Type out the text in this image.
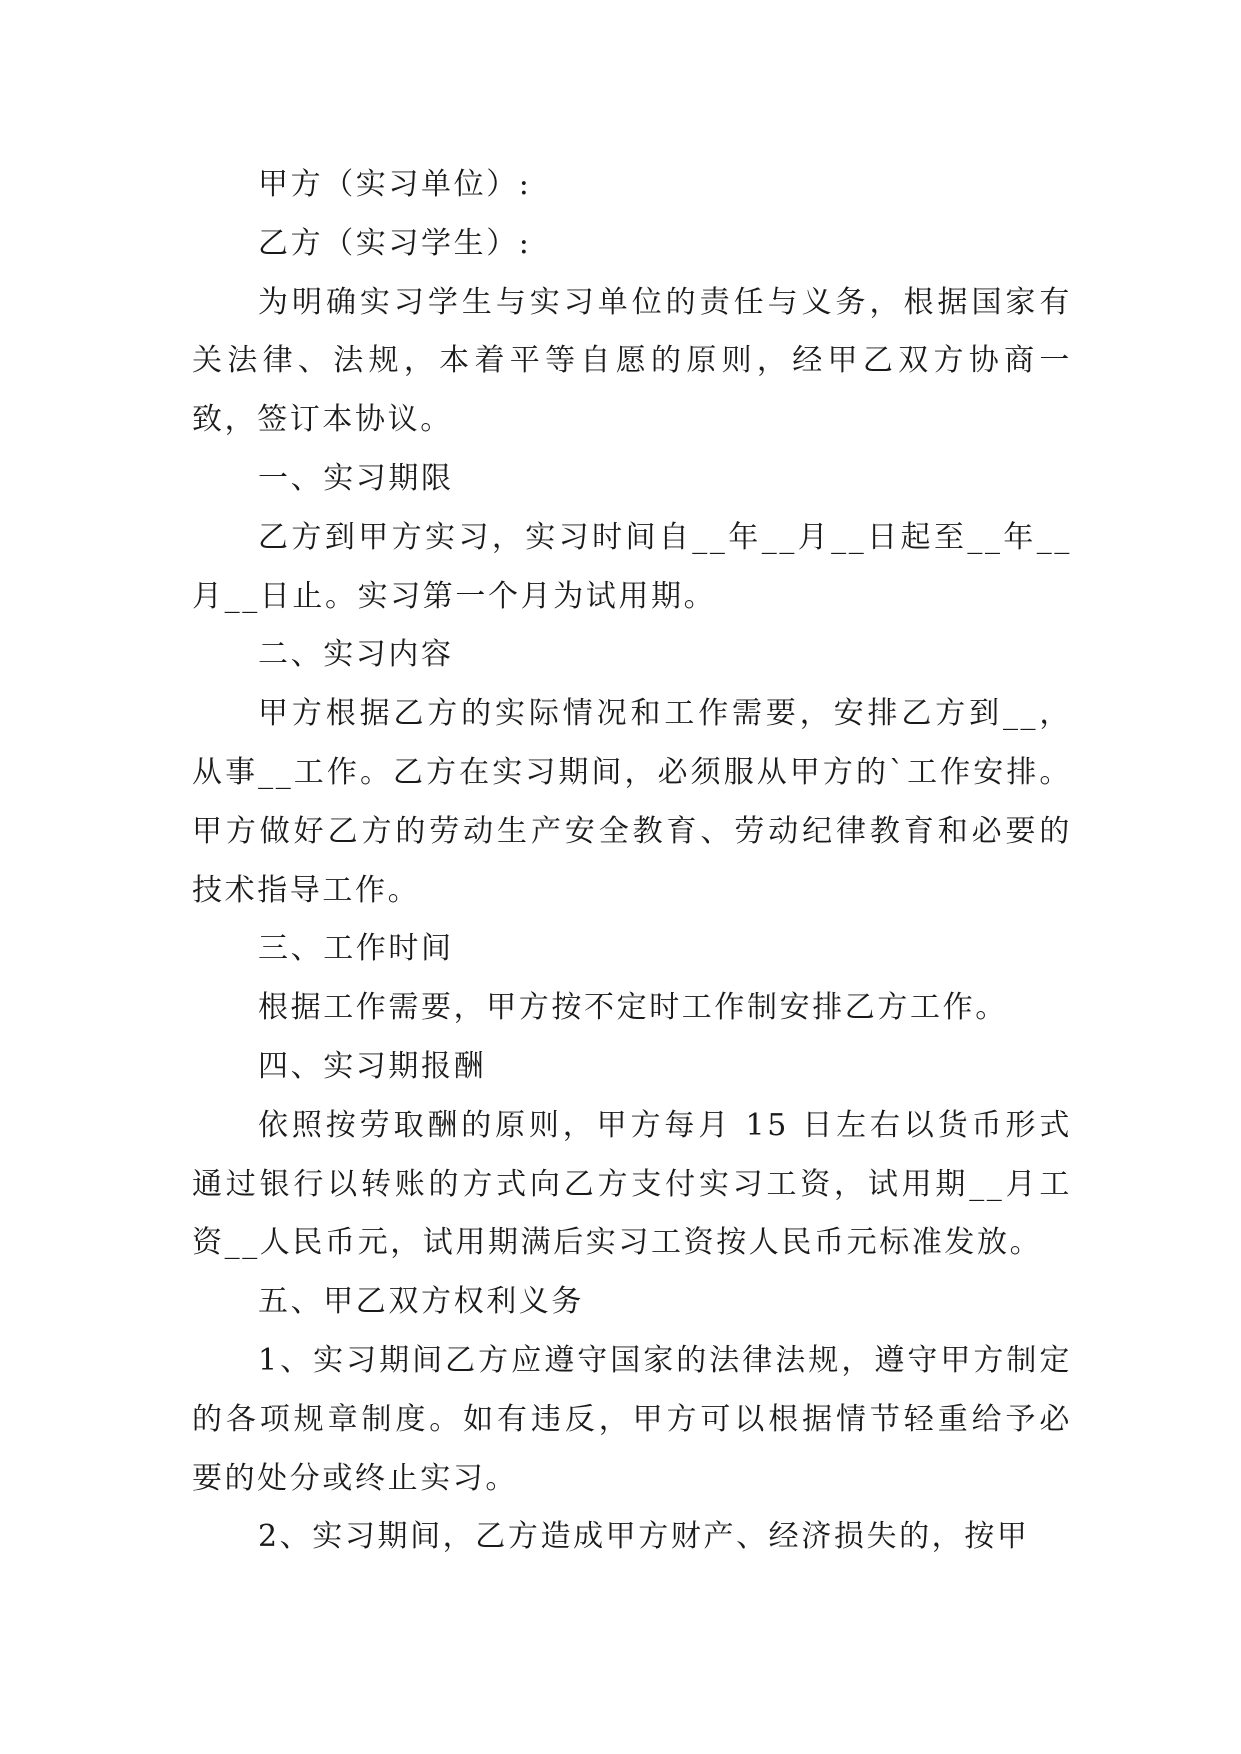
甲方（实习单位）:

乙方（实习学生）:

为明确实习学生与实习单位的责任与义务，根据国家有关法律、法规，本着平等自愿的原则，经甲乙双方协商一致，签订本协议。

一、实习期限

乙方到甲方实习，实习时间自__年__月__日起至__年__月__日止。实习第一个月为试用期。

二、实习内容

甲方根据乙方的实际情况和工作需要，安排乙方到__，从事__工作。乙方在实习期间，必须服从甲方的`工作安排。甲方做好乙方的劳动生产安全教育、劳动纪律教育和必要的技术指导工作。

三、工作时间

根据工作需要，甲方按不定时工作制安排乙方工作。

四、实习期报酬

依照按劳取酬的原则，甲方每月 15 日左右以货币形式通过银行以转账的方式向乙方支付实习工资，试用期__月工资__人民币元，试用期满后实习工资按人民币元标准发放。

五、甲乙双方权利义务

1、实习期间乙方应遵守国家的法律法规，遵守甲方制定的各项规章制度。如有违反，甲方可以根据情节轻重给予必要的处分或终止实习。

2、实习期间，乙方造成甲方财产、经济损失的，按甲
